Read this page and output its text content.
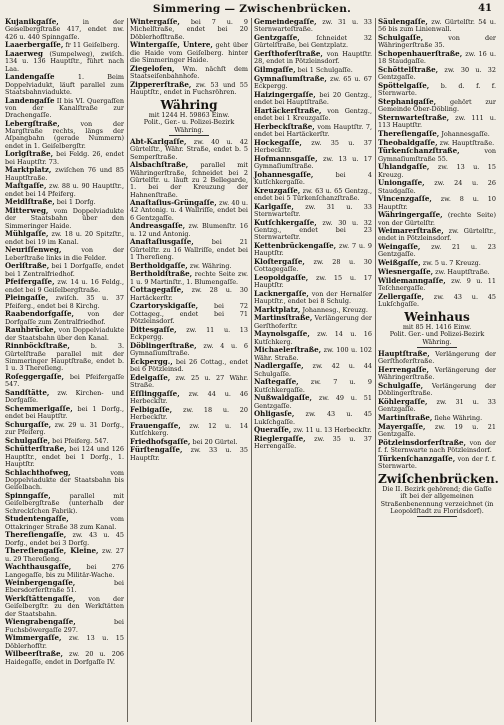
Simmering — Zwischenbrücken.	41

Kujanikgaſſe,	in der Geiselbergſtraße 417, endet nw. 426 u. 440 Spinngaſſe.

Laaerbergaſſe, fr 11 Geiſelberg.

Laaerweg (Sumpelweg), zwiſch. 134 u. 136 Hauptſtr., führt nach Laa.

Landengaſſe	1. Beim Doppelviadukt, läuft parallel zum Staatsbahnviadukte.

Landengaſſe II bis VI. Quergaſſen von der Kanalſtraße zur Drachengaſſe.

Lebergſtraße,	von der Margſtraße rechts, längs der Aſpangbahn (gerade Nummern) endet in 1. Geiſelbergſtr.

Lorlgſtraße, bei Feldg. 26, endet bei Hauptſtr. 73.

Marktplatz, zwiſchen 76 und 85 Hauptſtraße.

Maſtgaſſe, zw. 88 u. 90 Hauptſtr., endet bei 14 Pfeiferg.

Meidlſtraße, bei 1 Dorfg.

Mitterweg, vom Doppelviadukte der Staatsbahn über den Simmeringer Haide.

Mühlgaſſe, zw. 18 u. 20 Spitzſtr., endet bei 19 im Kanal.

Neuriſſenweg,	von der Leberſtraße links in die Felder.

Oerlſtraße, bei 1 Dorfgaſſe, endet bei 1 Zentralfriedhof.

Pfeifergaſſe, zw. 14 u. 16 Feldg., endet bei 9 Geiſelbergſtraße.

Pleingaſſe, zwiſch. 35 u. 37 Pfeiferg., endet bei 8 Kirchg.

Raabendorfgaſſe, von der Dorfgaſſe zum Zentralfriedhof.

Rauhbrücke, von Doppelviadukte der Staatsbahn über den Kanal.

Rinnböckſtraße,	b. 3. Gürtelſtraße parallel mit der Simmeringer Hauptſtraße, endet b. 1 u. 3 Thereſieng.

Roſeggergaſſe, bei Pfeifergaſſe 547.

Sandſtätte, zw. Kirchen- und Dorfgaſſe.

Schemmerlgaſſe, bei 1 Dorfg., endet bei Hauptſtr.

Schurgaſſe, zw. 29 u. 31 Dorfg., zur Pfeiferg.

Schulgaſſe, bei Pfeiferg. 547.

Schütterſtraße, bei 124 und 126 Hauptſtr., endet bei 1 Dorfg., 1. Hauptſtr.

Schlachthofweg,	vom Doppelviadukte der Staatsbahn bis Geiſelbach.

Spinngaſſe,	parallel mit Geiſelbergſtraße (unterhalb der Schreckſchen Fabrik).

Studentengaſſe,	vom Ottakringer Straße 38 zum Kanal.

Thereſiengaſſe, zw. 43 u. 45 Dorfg., endet bei 3 Dorfg.

Thereſiengaſſe, Kleine, zw. 27 u. 29 Thereſieng.

Wachthausgaſſe, bei 276 Langegaſſe, bis zu Militär-Wache.

Weinbergengaſſe,	bei Ebersdorferſtraße 51.

Werkſtättengaſſe, von der Geiſelbergſtr. zu den Werkſtätten der Staatsbahn.

Wiengrabengaſſe,	bei Fuchsböwergaſſe 297.

Wimmergaſſe, zw. 13 u. 15 Döblerhofſtr.

Wilbeerſtraße, zw. 20 u. 206 Haidegaſſe, endet in Dorfgaſſe IV.

Wintergaſſe, bei 7 u. 9 Michelſtraße, endet bei 20 Döblerhofſtraße.

Wintergaſſe, Untere, geht über die Haide vom Geiſelberg. hinter die Simmeringer Haide.

Ziegelofen, Wm. nächſt dem Staatseiſenbahnhofe.

Zippererſtraße, zw. 53 und 55 Hauptſtr., endet in Fuchsröhren.

Währing
mit 1244 H. 59863 Einw.
Polit., Ger.- u. Polizei-Bezirk Währing.

Abt-Karlgaſſe, zw. 40 u. 42 Gürtelſtr., Währ. Straße, endet b. 5 Semperſtraße.

Alsbachſtraße, parallel mit Währingerſtraße, ſchneidet bei 2 Gürtelſtr. u. läuft zu 2 Bellegarde, 1. bei der Kreuzung der Hahnenſtraße.

Anaſtaſius-Grüngaſſe, zw. 40 u. 42 Antonig. u. 4 Wallriſſe, endet bei 6 Gentzgaſſe.

Andreasgaſſe, zw. Blumenſtr. 16 u. 12 und Antonig.

Anaſtaſiusgaſſe,	bei 21 Gürtelſtr. zu 16 Wallriſſe, endet bei 1 Thereſieng.

Bertholdgaſſe, zw. Währing.

Bertholdſtraße, rechte Seite zw. 1 u. 9 Martinſtr., 1. Blumengaſſe.

Cottagegaſſe, zw. 28 u. 30 Hartäckerſtr.

Czartoryskigaſſe, bei 72 Cottageg., endet bei 71 Pötzleinsdorf.

Dittesgaſſe, zw. 11 u. 13 Eckpergg.

Döblingerſtraße, zw. 4 u. 6 Gymnaſiumſtraße.

Eckpergg., bei 26 Cottag., endet bei 6 Pötzleinsd.

Edelgaſſe, zw. 25 u. 27 Währ. Straße.

Eſſlinggaſſe, zw. 44 u. 46 Herbeckſtr.

Felbigaſſe, zw. 18 u. 20 Herbeckſtr.

Frauengaſſe, zw. 12 u. 14 Kutſchkerg.

Friedhofsgaſſe, bei 20 Gürtel.

Fürſtengaſſe, zw. 33 u. 35 Hauptſtr.

Gemeindegaſſe, zw. 31 u. 33 Sternwarteſtraße.

Gentzgaſſe,	ſchneidet 32 Gürtelſtraße, bei Gentzplatz.

Gerſthoferſtraße, von Hauptſtr. 28, endet in Pötzleinsdorf.

Gilmgaſſe, bei 1 Schulgaſſe.

Gymnaſiumſtraße, zw. 65 u. 67 Eckpergg.

Haizingergaſſe, bei 20 Gentzg., endet bei Hauptſtraße.

Hartäckerſtraße, von Gentzg., endet bei 1 Kreuzgaſſe.

Herbeckſtraße, vom Hauptſtr. 7, endet bei Hartäckerſtr.

Hockegaſſe, zw. 35 u. 37 Herbeckſtr.

Hofmannsgaſſe, zw. 13 u. 17 Gymnaſiumſtraße.

Johannesgaſſe,	bei 4 Kutſchkergaſſe.

Kreuzgaſſe, zw. 63 u. 65 Gentzg., endet bei 5 Türkenſchanzſtraße.

Karlgaſſe, zw. 31 u. 33 Sternwarteſtr.

Kutſchkergaſſe, zw. 30 u. 32 Gentzg., endet bei 23 Sternwarteſtr.

Kettenbrückengaſſe, zw. 7 u. 9 Hauptſtr.

Kloſtergaſſe, zw. 28 u. 30 Cottagegaſſe.

Leopoldgaſſe, zw. 15 u. 17 Hauptſtr.

Lacknergaſſe, von der Hernalſer Hauptſtr., endet bei 8 Schulg.

Marktplatz, Johannesg., Kreuzg.

Martinsſtraße, Verlängerung der Gerſthoferſtr.

Maynolsgaſſe, zw. 14 u. 16 Kutſchkerg.

Michaelerſtraße, zw. 100 u. 102 Währ. Straße.

Nadlergaſſe, zw. 42 u. 44 Schulgaſſe.

Naſtegaſſe, zw. 7 u. 9 Kutſchkergaſſe.

Nußwaldgaſſe, zw. 49 u. 51 Gentzgaſſe.

Ohligasſe, zw. 43 u. 45 Lukſchgaſſe.

Queraſſe, zw. 11 u. 13 Herbeckſtr.

Rieglergaſſe, zw. 35 u. 37 Herrengaſſe.

Säulengaſſe, zw. Gürtelſtr. 54 u. 56 bis zum Linienwall.

Schulgaſſe,	von der Währingerſtraße 35.

Schopenhauerſtraße, zw. 16 u. 18 Staudgaſſe.

Schöttelſtraße, zw. 30 u. 32 Gentzgaſſe.

Spöttelgaſſe, b. d. f. f. Sternwarte.

Stephanigaſſe, gehört zur Gemeinde Ober-Döbling.

Sternwarteſtraße, zw. 111 u. 113 Hauptſtr.

Thereſiengaſſe, Johannesgaſſe.

Theobaldgaſſe, zw. Hauptſtraße.

Türkenſchanzſtraße,	von Gymnaſiumſtraße 55.

Uhlandgaſſe, zw. 13 u. 15 Kreuzg.

Uniongaſſe, zw. 24 u. 26 Staudgaſſe.

Vincenzgaſſe, zw. 8 u. 10 Hauptſtr.

Währingergaſſe, (rechte Seite) von der Gürtelſtr.

Weimarerſtraße, zw. Gürtelſtr., endet in Pötzleinsdorf.

Weingaſſe, zw. 21 u. 23 Gentzgaſſe.

Weißgaſſe, zw. 5 u. 7 Kreuzg.

Wiesnergaſſe, zw. Hauptſtraße.

Wildemanngaſſe, zw. 9 u. 11 Teſchnergaſſe.

Zellergaſſe, zw. 43 u. 45 Lukſchgaſſe.

Weinhaus
mit 85 H. 1416 Einw.
Polit. Ger.- und Polizei-Bezirk Währing.

Hauptſtraße, Verlängerung der Gerſthoferſtraße.

Herrengaſſe, Verlängerung der Währingerſtraße.

Schulgaſſe, Verlängerung der Döblingerſtraße.

Köhlergaſſe, zw. 31 u. 33 Gentzgaſſe.

Martinſtraße, ſiehe Währing.

Mayergaſſe, zw. 19 u. 21 Gentzgaſſe.

Pötzleinsdorferſtraße, von der f. f. Sternwarte nach Pötzleinsdorf.

Türkenſchanzgaſſe, von der f. f. Sternwarte.

Zwiſchenbrücken.
Die II. Bezirk gehörend; die Gaſſe iſt bei der allgemeinen Straßenbenennung verzeichnet (in Leopoldſtadt zu Floridsdorf).
